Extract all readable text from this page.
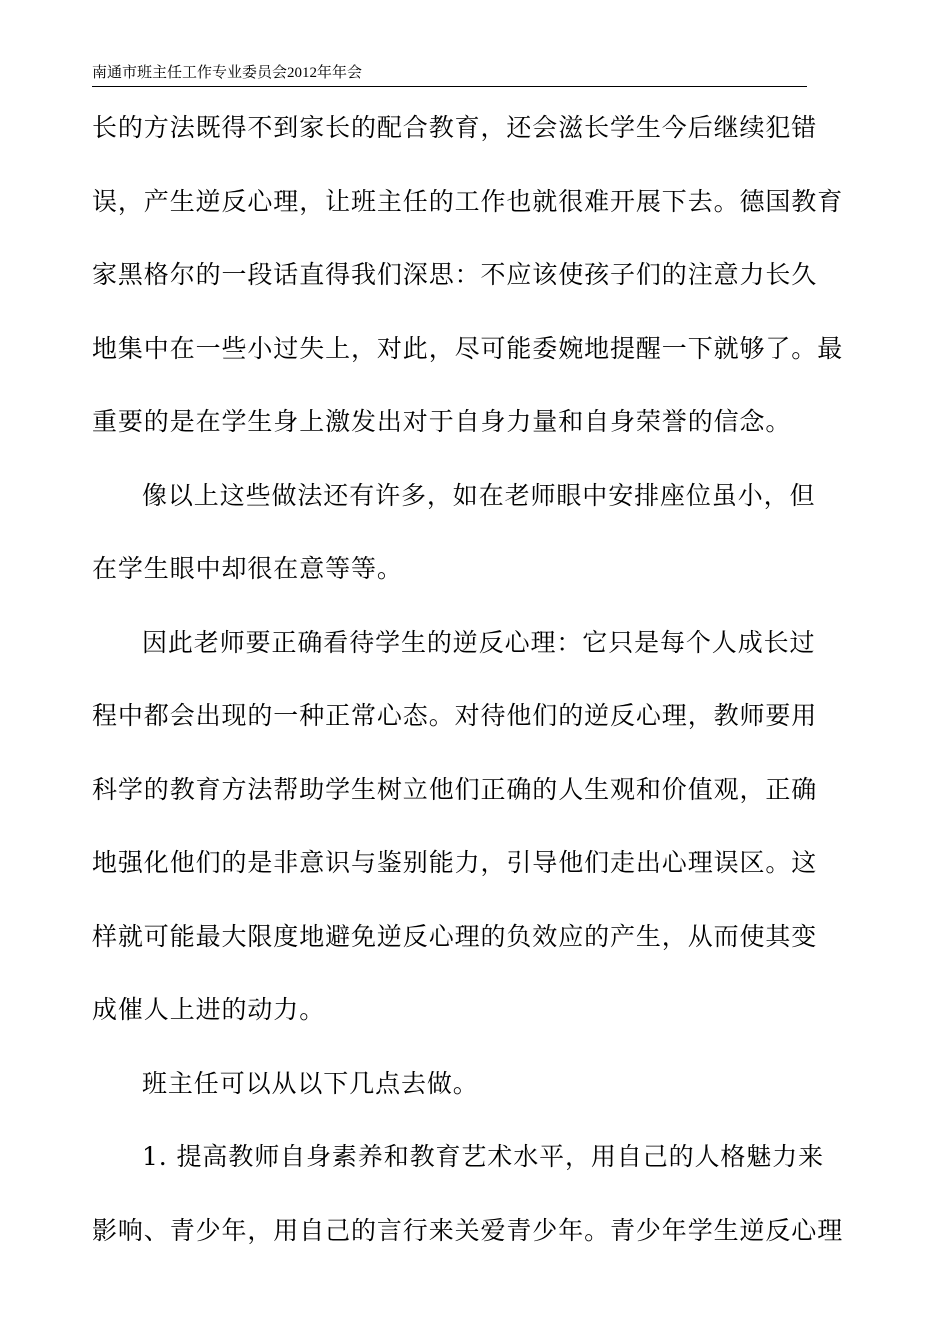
南通市班主任工作专业委员会2012年年会
长的方法既得不到家长的配合教育，还会滋长学生今后继续犯错
误，产生逆反心理，让班主任的工作也就很难开展下去。德国教育
家黑格尔的一段话直得我们深思：不应该使孩子们的注意力长久
地集中在一些小过失上，对此，尽可能委婉地提醒一下就够了。最
重要的是在学生身上激发出对于自身力量和自身荣誉的信念。
像以上这些做法还有许多，如在老师眼中安排座位虽小，但
在学生眼中却很在意等等。
因此老师要正确看待学生的逆反心理：它只是每个人成长过
程中都会出现的一种正常心态。对待他们的逆反心理，教师要用
科学的教育方法帮助学生树立他们正确的人生观和价值观，正确
地强化他们的是非意识与鉴别能力，引导他们走出心理误区。这
样就可能最大限度地避免逆反心理的负效应的产生，从而使其变
成催人上进的动力。
班主任可以从以下几点去做。
1. 提高教师自身素养和教育艺术水平，用自己的人格魅力来
影响、青少年，用自己的言行来关爱青少年。青少年学生逆反心理
